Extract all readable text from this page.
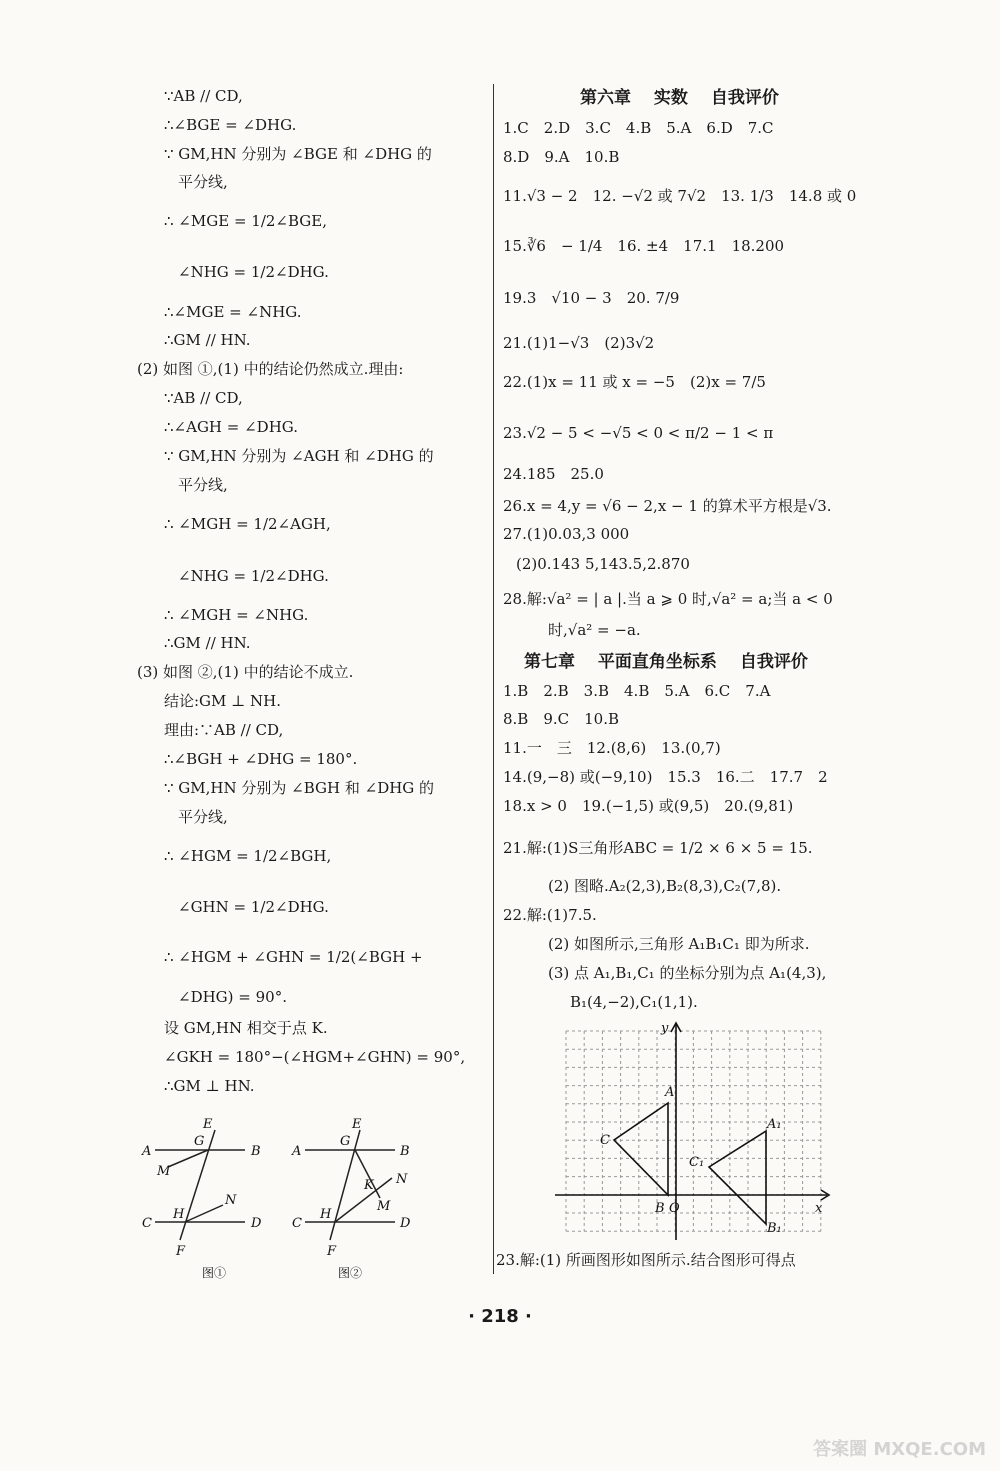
∵AB // CD,
∴∠BGE = ∠DHG.
∵ GM,HN 分别为 ∠BGE 和 ∠DHG 的
平分线,
∴ ∠MGE = 1/2∠BGE,
∠NHG = 1/2∠DHG.
∴∠MGE = ∠NHG.
∴GM // HN.
(2) 如图 ①,(1) 中的结论仍然成立.理由:
∵AB // CD,
∴∠AGH = ∠DHG.
∵ GM,HN 分别为 ∠AGH 和 ∠DHG 的
平分线,
∴ ∠MGH = 1/2∠AGH,
∠NHG = 1/2∠DHG.
∴ ∠MGH = ∠NHG.
∴GM // HN.
(3) 如图 ②,(1) 中的结论不成立.
结论:GM ⊥ NH.
理由:∵AB // CD,
∴∠BGH + ∠DHG = 180°.
∵ GM,HN 分别为 ∠BGH 和 ∠DHG 的
平分线,
∴ ∠HGM = 1/2∠BGH,
∠GHN = 1/2∠DHG.
∴ ∠HGM + ∠GHN = 1/2(∠BGH +
∠DHG) = 90°.
设 GM,HN 相交于点 K.
∠GKH = 180°−(∠HGM+∠GHN) = 90°,
∴GM ⊥ HN.
A	B
C	D
E
F
G
H
M
N
A	B
C	D
E
F
G
H
K
M
N
图①	图②
第六章　 实数　 自我评价
1.C　2.D　3.C　4.B　5.A　6.D　7.C
8.D　9.A　10.B
11.√3 − 2　12. −√2 或 7√2　13. 1/3　14.8 或 0
15.∛6　− 1/4　16. ±4　17.1　18.200
19.3　√10 − 3　20. 7/9
21.(1)1−√3　(2)3√2
22.(1)x = 11 或 x = −5　(2)x = 7/5
23.√2 − 5 < −√5 < 0 < π/2 − 1 < π
24.185　25.0
26.x = 4,y = √6 − 2,x − 1 的算术平方根是√3.
27.(1)0.03,3 000
(2)0.143 5,143.5,2.870
28.解:√a² = | a |.当 a ⩾ 0 时,√a² = a;当 a < 0
时,√a² = −a.
第七章　 平面直角坐标系　 自我评价
1.B　2.B　3.B　4.B　5.A　6.C　7.A
8.B　9.C　10.B
11.一　三　12.(8,6)　13.(0,7)
14.(9,−8) 或(−9,10)　15.3　16.二　17.7　2
18.x > 0　19.(−1,5) 或(9,5)　20.(9,81)
21.解:(1)S三角形ABC = 1/2 × 6 × 5 = 15.
(2) 图略.A₂(2,3),B₂(8,3),C₂(7,8).
22.解:(1)7.5.
(2) 如图所示,三角形 A₁B₁C₁ 即为所求.
(3) 点 A₁,B₁,C₁ 的坐标分别为点 A₁(4,3),
B₁(4,−2),C₁(1,1).
x
y
O
A
B
C
A₁
B₁
C₁
23.解:(1) 所画图形如图所示.结合图形可得点
· 218 ·
答案圈 MXQE.COM
